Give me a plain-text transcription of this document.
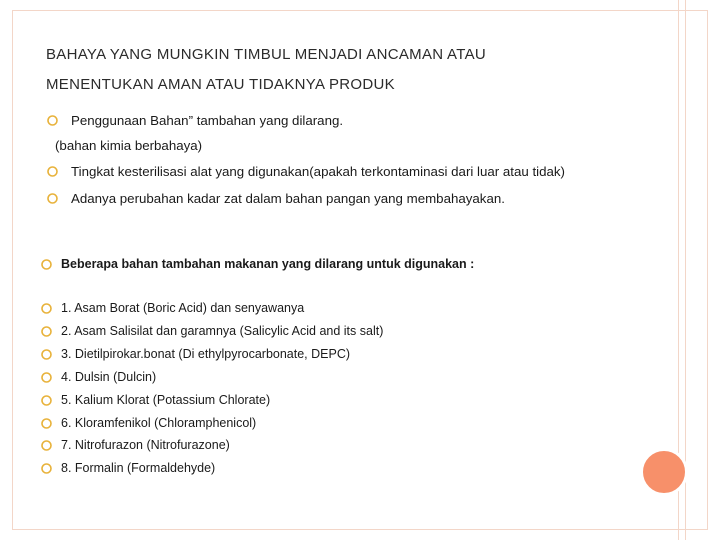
BAHAYA YANG MUNGKIN TIMBUL MENJADI ANCAMAN ATAU
MENENTUKAN AMAN ATAU TIDAKNYA PRODUK
Penggunaan Bahan” tambahan yang dilarang.
(bahan kimia berbahaya)
Tingkat kesterilisasi alat yang digunakan(apakah terkontaminasi dari luar atau tidak)
Adanya perubahan kadar zat dalam bahan pangan yang membahayakan.
Beberapa bahan tambahan makanan yang dilarang untuk digunakan :
1. Asam Borat (Boric Acid) dan senyawanya
2. Asam Salisilat dan garamnya (Salicylic Acid and its salt)
3. Dietilpirokar.bonat (Di ethylpyrocarbonate, DEPC)
4. Dulsin (Dulcin)
5. Kalium Klorat (Potassium Chlorate)
6. Kloramfenikol (Chloramphenicol)
7. Nitrofurazon (Nitrofurazone)
8. Formalin (Formaldehyde)
